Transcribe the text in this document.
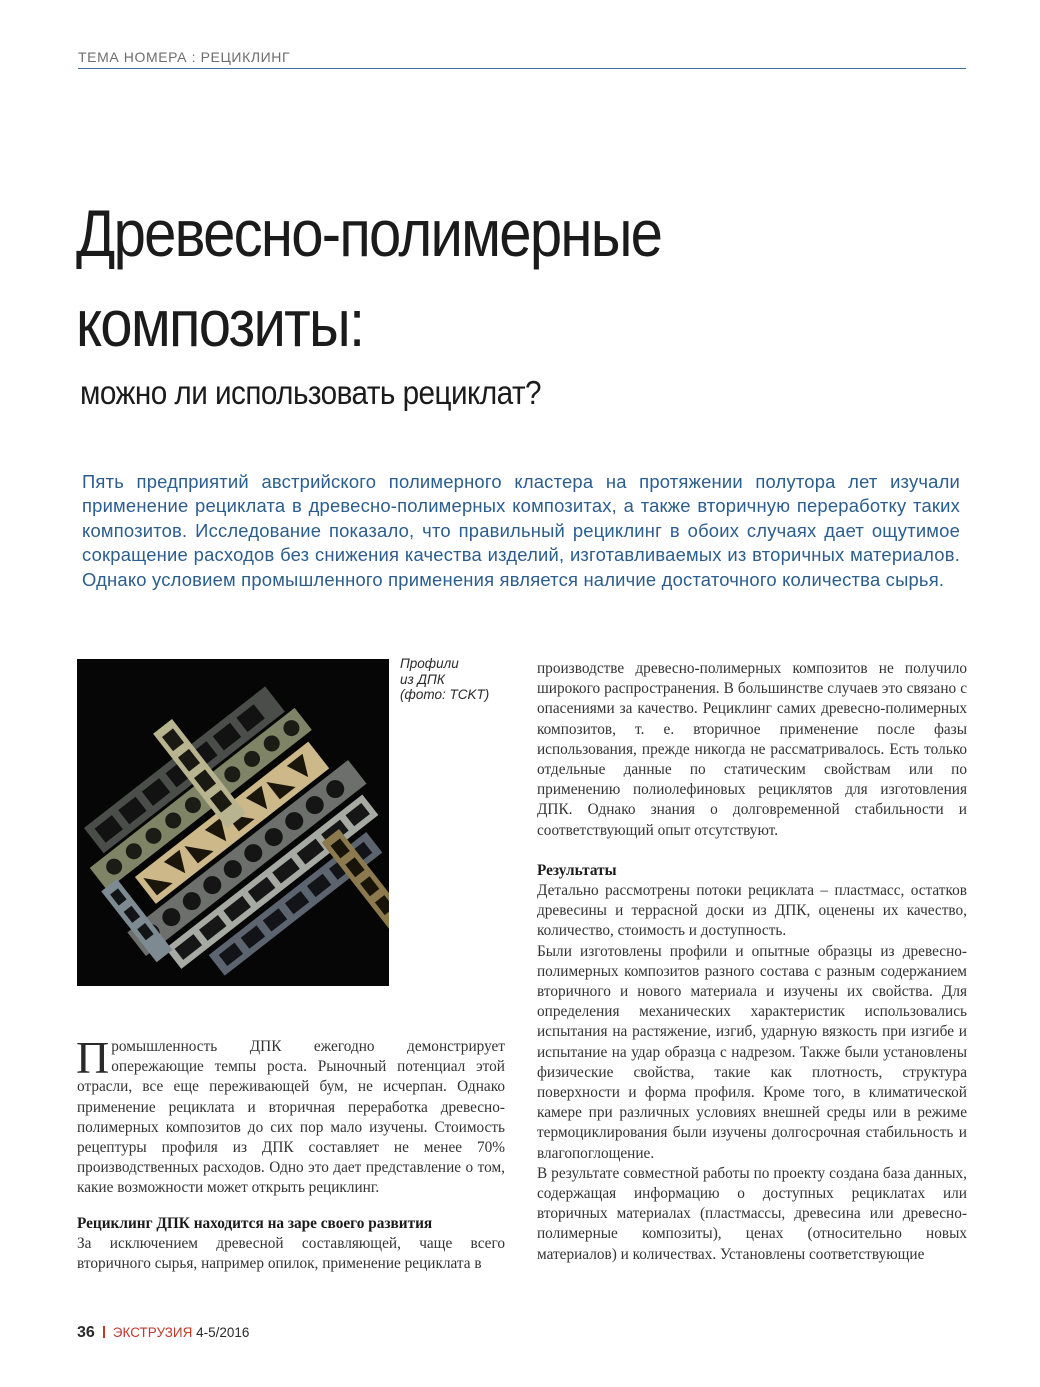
ТЕМА НОМЕРА : РЕЦИКЛИНГ
Древесно-полимерные
композиты:
можно ли использовать рециклат?
Пять предприятий австрийского полимерного кластера на протяжении полутора лет изучали применение рециклата в древесно-полимерных композитах, а также вторичную переработку таких композитов. Исследование показало, что правильный рециклинг в обоих случаях дает ощутимое сокращение расходов без снижения качества изделий, изготавливаемых из вторичных материалов. Однако условием промышленного применения является наличие достаточного количества сырья.
Профили
из ДПК
(фото: TCKT)

Промышленность ДПК ежегодно демонстрирует опережающие темпы роста. Рыночный потенциал этой отрасли, все еще переживающей бум, не исчерпан. Однако применение рециклата и вторичная переработка древесно-полимерных композитов до сих пор мало изучены. Стоимость рецептуры профиля из ДПК составляет не менее 70% производственных расходов. Одно это дает представление о том, какие возможности может открыть рециклинг.

Рециклинг ДПК находится на заре своего развития

За исключением древесной составляющей, чаще всего вторичного сырья, например опилок, применение рециклата в

производстве древесно-полимерных композитов не получило широкого распространения. В большинстве случаев это связано с опасениями за качество. Рециклинг самих древесно-полимерных композитов, т. е. вторичное применение после фазы использования, прежде никогда не рассматривалось. Есть только отдельные данные по статическим свойствам или по применению полиолефиновых рециклятов для изготовления ДПК. Однако знания о долговременной стабильности и соответствующий опыт отсутствуют.

Результаты

Детально рассмотрены потоки рециклата – пластмасс, остатков древесины и террасной доски из ДПК, оценены их качество, количество, стоимость и доступность.

Были изготовлены профили и опытные образцы из древесно-полимерных композитов разного состава с разным содержанием вторичного и нового материала и изучены их свойства. Для определения механических характеристик использовались испытания на растяжение, изгиб, ударную вязкость при изгибе и испытание на удар образца с надрезом. Также были установлены физические свойства, такие как плотность, структура поверхности и форма профиля. Кроме того, в климатической камере при различных условиях внешней среды или в режиме термоциклирования были изучены долгосрочная стабильность и влагопоглощение.

В результате совместной работы по проекту создана база данных, содержащая информацию о доступных рециклатах или вторичных материалах (пластмассы, древесина или древесно-полимерные композиты), ценах (относительно новых материалов) и количествах. Установлены соответствующие

36 ЭКСТРУЗИЯ 4-5/2016
